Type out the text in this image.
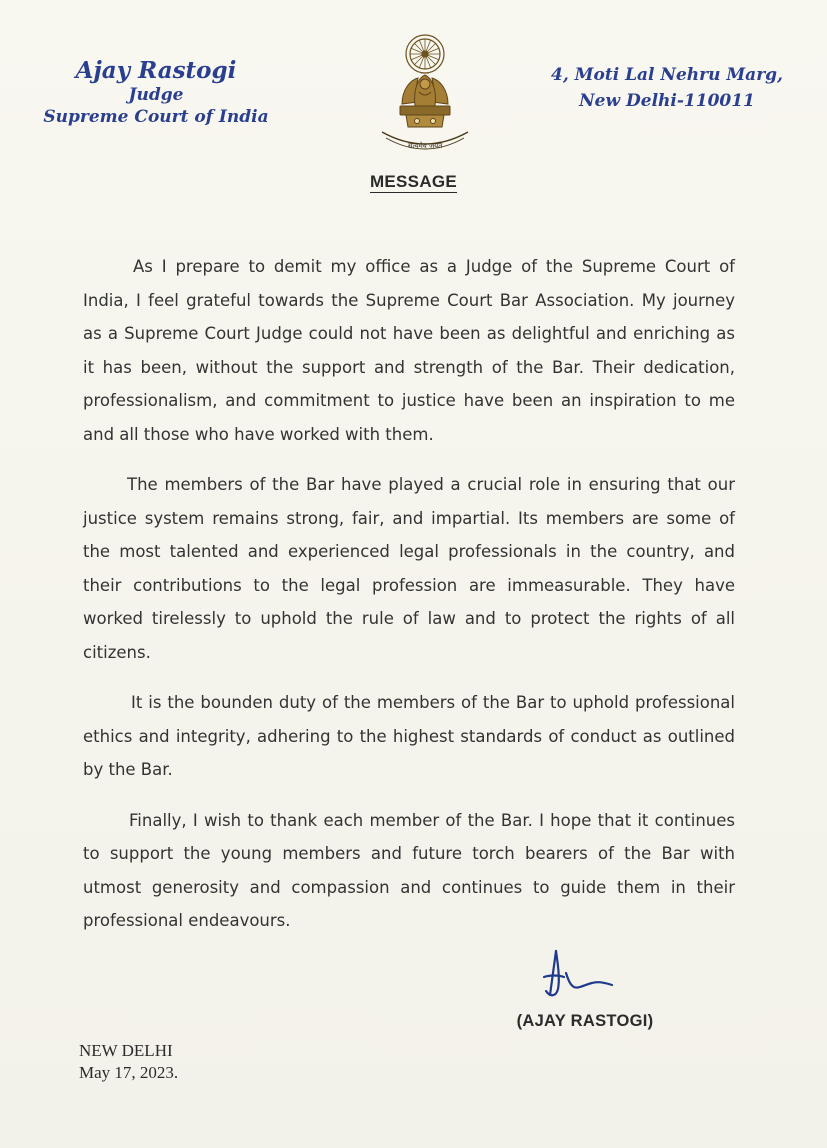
Ajay Rastogi
Judge
Supreme Court of India
सत्यमेव जयते
4, Moti Lal Nehru Marg,
New Delhi-110011
MESSAGE

As I prepare to demit my office as a Judge of the Supreme Court of India, I feel grateful towards the Supreme Court Bar Association. My journey as a Supreme Court Judge could not have been as delightful and enriching as it has been, without the support and strength of the Bar. Their dedication, professionalism, and commitment to justice have been an inspiration to me and all those who have worked with them.

The members of the Bar have played a crucial role in ensuring that our justice system remains strong, fair, and impartial. Its members are some of the most talented and experienced legal professionals in the country, and their contributions to the legal profession are immeasurable. They have worked tirelessly to uphold the rule of law and to protect the rights of all citizens.

It is the bounden duty of the members of the Bar to uphold professional ethics and integrity, adhering to the highest standards of conduct as outlined by the Bar.

Finally, I wish to thank each member of the Bar. I hope that it continues to support the young members and future torch bearers of the Bar with utmost generosity and compassion and continues to guide them in their professional endeavours.

(AJAY RASTOGI)
NEW DELHI
May 17, 2023.
